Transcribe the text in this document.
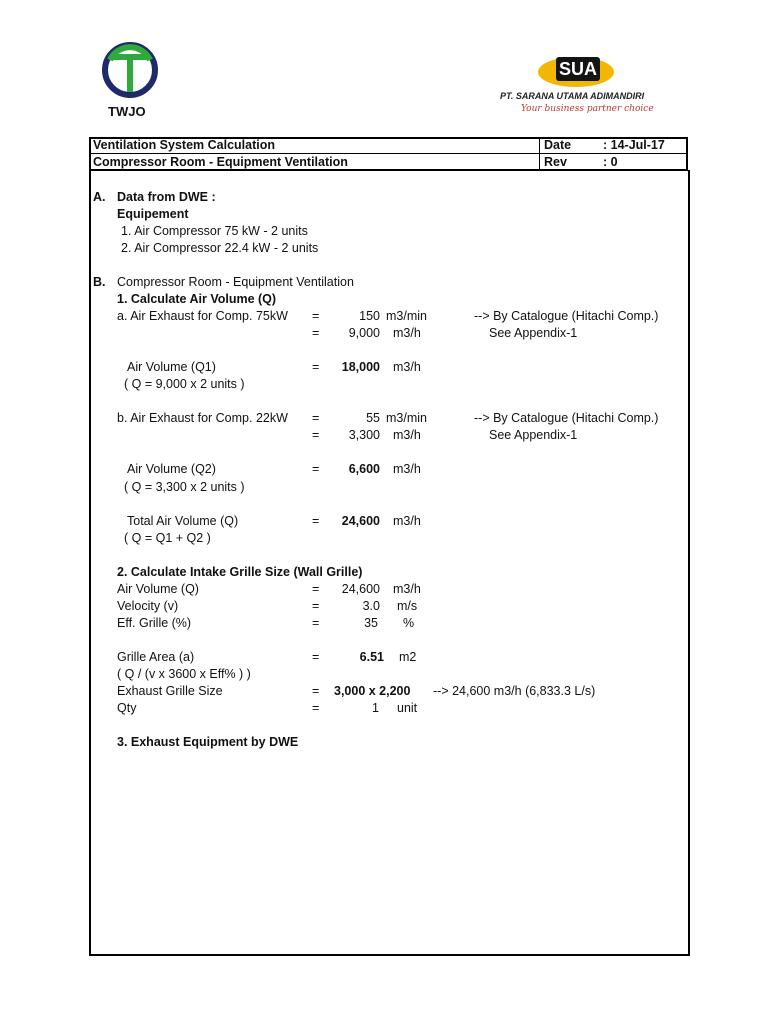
TWJO
SUA
PT. SARANA UTAMA ADIMANDIRI
Your business partner choice
Ventilation System Calculation
Compressor Room - Equipment Ventilation
Date	: 14-Jul-17
Rev	: 0
A. Data from DWE :
Equipement
1. Air Compressor 75 kW - 2 units
2. Air Compressor 22.4 kW - 2 units
B. Compressor Room - Equipment Ventilation
1. Calculate Air Volume (Q)
a. Air Exhaust for Comp. 75kW =	150 m3/min	--> By Catalogue (Hitachi Comp.)
=	9,000 m3/h	See Appendix-1
Air Volume (Q1)	=	18,000 m3/h
( Q = 9,000 x 2 units )
b. Air Exhaust for Comp. 22kW =	55 m3/min	--> By Catalogue (Hitachi Comp.)
=	3,300 m3/h	See Appendix-1
Air Volume (Q2)	=	6,600 m3/h
( Q = 3,300 x 2 units )
Total Air Volume (Q)	=	24,600 m3/h
( Q = Q1 + Q2 )
2. Calculate Intake Grille Size (Wall Grille)
Air Volume (Q)	=	24,600 m3/h
Velocity (v)	=	3.0 m/s
Eff. Grille (%)	=	35 %
Grille Area (a)	=	6.51 m2
( Q / (v x 3600 x Eff% ) )
Exhaust Grille Size	= 3,000 x 2,200 --> 24,600 m3/h (6,833.3 L/s)
Qty	=	1 unit
3. Exhaust Equipment by DWE
